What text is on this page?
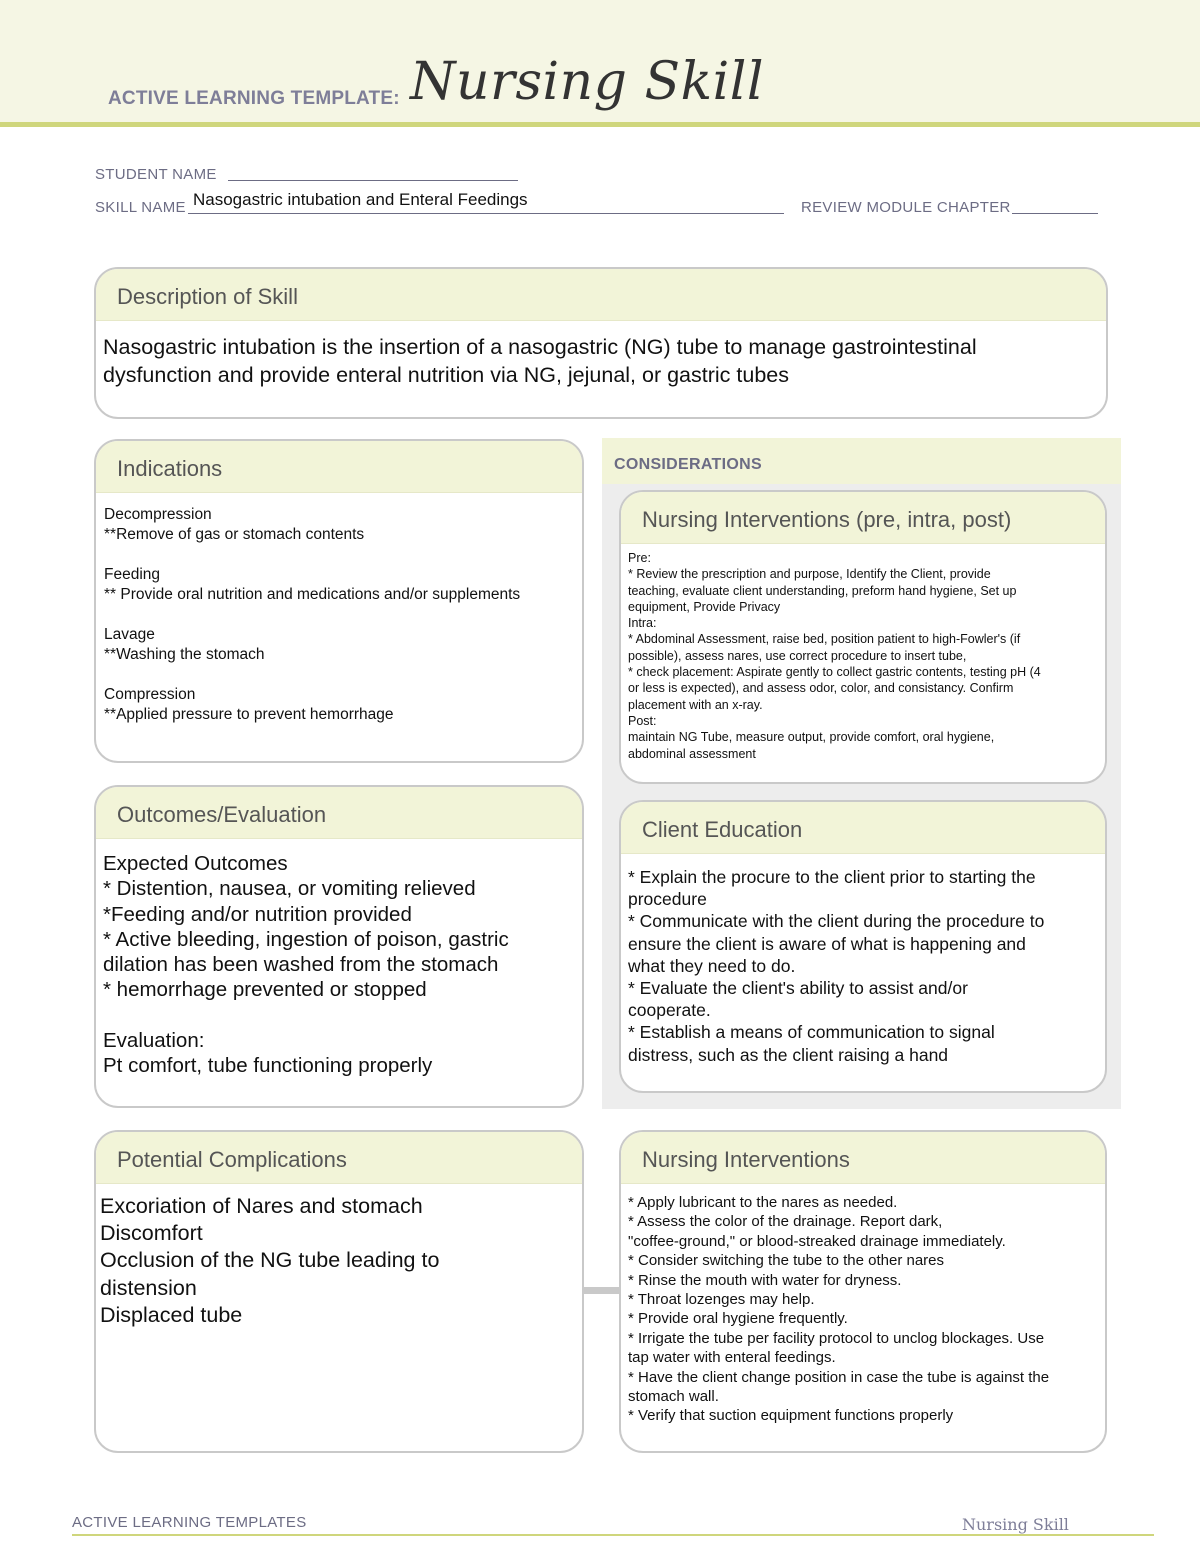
ACTIVE LEARNING TEMPLATE: Nursing Skill
STUDENT NAME
SKILL NAME Nasogastric intubation and Enteral Feedings	REVIEW MODULE CHAPTER
Description of Skill
Nasogastric intubation is the insertion of a nasogastric (NG) tube to manage gastrointestinal
dysfunction and provide enteral nutrition via NG, jejunal, or gastric tubes
Indications
Decompression
**Remove of gas or stomach contents

Feeding
** Provide oral nutrition and medications and/or supplements

Lavage
**Washing the stomach

Compression
**Applied pressure to prevent hemorrhage
Outcomes/Evaluation
Expected Outcomes
* Distention, nausea, or vomiting relieved
*Feeding and/or nutrition provided
* Active bleeding, ingestion of poison, gastric
dilation has been washed from the stomach
* hemorrhage prevented or stopped

Evaluation:
Pt comfort, tube functioning properly
CONSIDERATIONS
Nursing Interventions (pre, intra, post)
Pre:
* Review the prescription and purpose, Identify the Client, provide
teaching, evaluate client understanding, preform hand hygiene, Set up
equipment, Provide Privacy
Intra:
* Abdominal Assessment, raise bed, position patient to high-Fowler's (if
possible), assess nares, use correct procedure to insert tube,
* check placement: Aspirate gently to collect gastric contents, testing pH (4
or less is expected), and assess odor, color, and consistancy. Confirm
placement with an x-ray.
Post:
maintain NG Tube, measure output, provide comfort, oral hygiene,
abdominal assessment
Client Education
* Explain the procure to the client prior to starting the
procedure
* Communicate with the client during the procedure to
ensure the client is aware of what is happening and
what they need to do.
* Evaluate the client's ability to assist and/or
cooperate.
* Establish a means of communication to signal
distress, such as the client raising a hand
Potential Complications
Excoriation of Nares and stomach
Discomfort
Occlusion of the NG tube leading to
distension
Displaced tube
Nursing Interventions
* Apply lubricant to the nares as needed.
* Assess the color of the drainage. Report dark,
"coffee-ground," or blood-streaked drainage immediately.
* Consider switching the tube to the other nares
* Rinse the mouth with water for dryness.
* Throat lozenges may help.
* Provide oral hygiene frequently.
* Irrigate the tube per facility protocol to unclog blockages. Use
tap water with enteral feedings.
* Have the client change position in case the tube is against the
stomach wall.
* Verify that suction equipment functions properly
ACTIVE LEARNING TEMPLATES	Nursing Skill
